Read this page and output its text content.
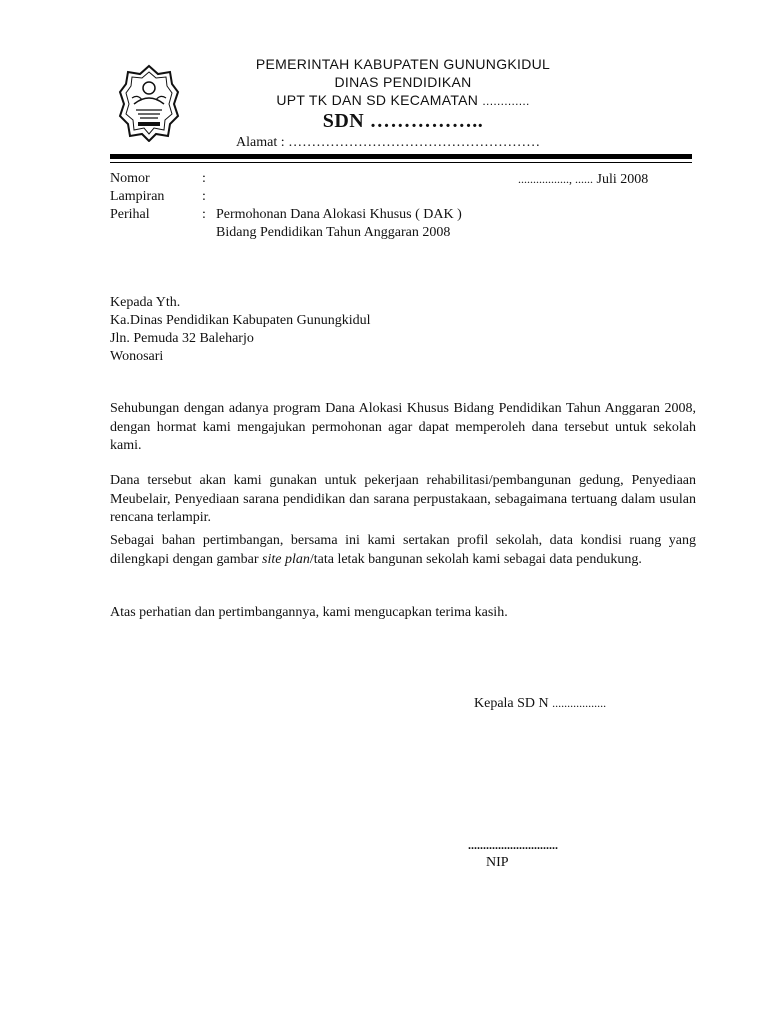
PEMERINTAH KABUPATEN GUNUNGKIDUL
DINAS PENDIDIKAN
UPT TK DAN SD KECAMATAN .............
SDN ……………..
Alamat : ………………………………………………
Nomor	:	................., ...... Juli 2008
Lampiran	:
Perihal	: Permohonan Dana Alokasi Khusus ( DAK )
Bidang Pendidikan Tahun Anggaran 2008
Kepada Yth.
Ka.Dinas Pendidikan Kabupaten Gunungkidul
Jln. Pemuda 32 Baleharjo
Wonosari
Sehubungan dengan adanya program Dana Alokasi Khusus Bidang Pendidikan Tahun Anggaran 2008, dengan hormat kami mengajukan permohonan agar dapat memperoleh dana tersebut untuk sekolah kami.
Dana tersebut akan kami gunakan untuk pekerjaan rehabilitasi/pembangunan gedung, Penyediaan Meubelair, Penyediaan sarana pendidikan dan sarana perpustakaan, sebagaimana tertuang dalam usulan rencana terlampir.
Sebagai bahan pertimbangan, bersama ini kami sertakan profil sekolah, data kondisi ruang yang dilengkapi dengan gambar site plan/tata letak bangunan sekolah kami sebagai data pendukung.
Atas perhatian dan pertimbangannya, kami mengucapkan terima kasih.
Kepala SD N ..................
..............................
NIP
